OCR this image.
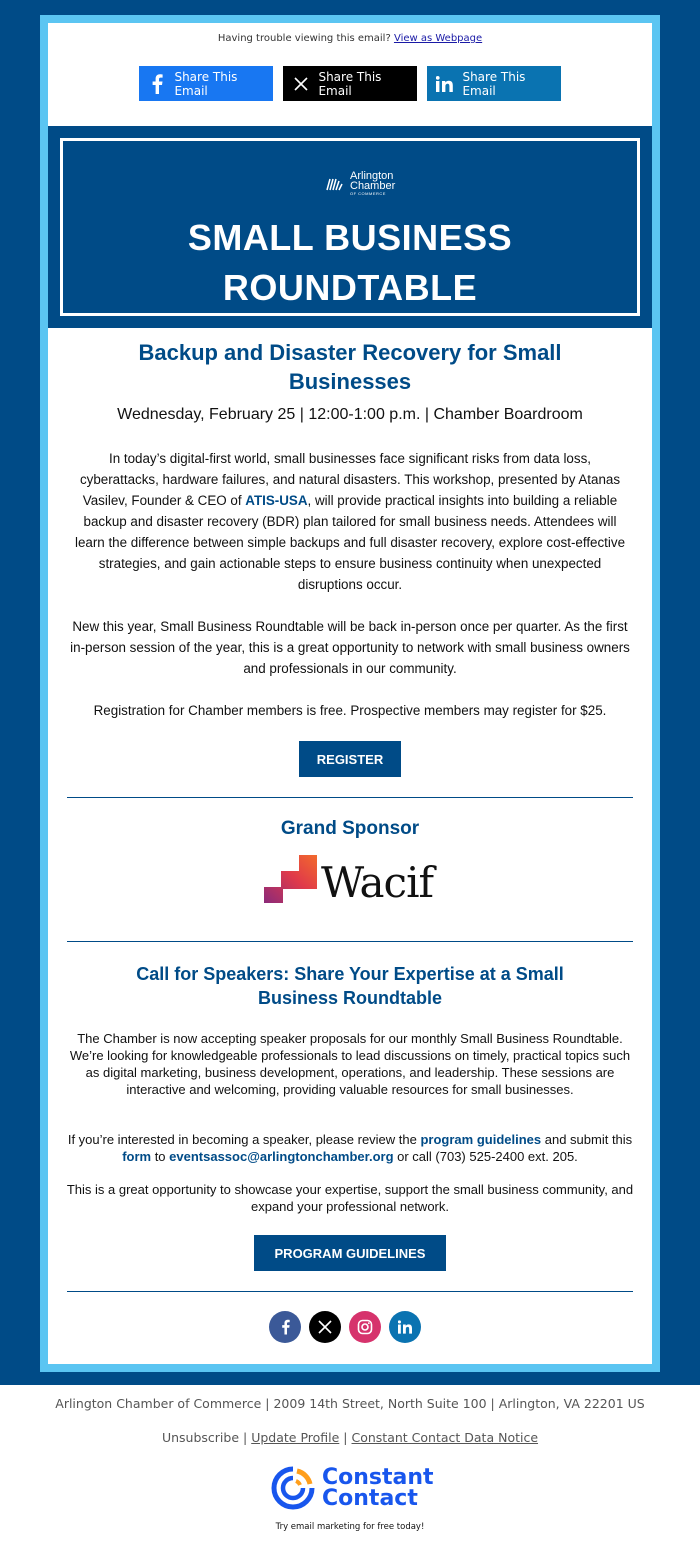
Having trouble viewing this email? View as Webpage
Share This Email
Share This Email
Share This Email
Arlington
Chamber
OF COMMERCE
SMALL BUSINESS
ROUNDTABLE
Backup and Disaster Recovery for Small Businesses
Wednesday, February 25 | 12:00-1:00 p.m. | Chamber Boardroom
In today’s digital-first world, small businesses face significant risks from data loss, cyberattacks, hardware failures, and natural disasters. This workshop, presented by Atanas Vasilev, Founder & CEO of ATIS-USA, will provide practical insights into building a reliable backup and disaster recovery (BDR) plan tailored for small business needs. Attendees will learn the difference between simple backups and full disaster recovery, explore cost-effective strategies, and gain actionable steps to ensure business continuity when unexpected disruptions occur.
New this year, Small Business Roundtable will be back in-person once per quarter. As the first in-person session of the year, this is a great opportunity to network with small business owners and professionals in our community.
Registration for Chamber members is free. Prospective members may register for $25.
REGISTER
Grand Sponsor
Wacif
Call for Speakers: Share Your Expertise at a Small Business Roundtable
The Chamber is now accepting speaker proposals for our monthly Small Business Roundtable. We’re looking for knowledgeable professionals to lead discussions on timely, practical topics such as digital marketing, business development, operations, and leadership. These sessions are interactive and welcoming, providing valuable resources for small businesses.
If you’re interested in becoming a speaker, please review the program guidelines and submit this form to eventsassoc@arlingtonchamber.org or call (703) 525-2400 ext. 205.
This is a great opportunity to showcase your expertise, support the small business community, and expand your professional network.
PROGRAM GUIDELINES
Arlington Chamber of Commerce | 2009 14th Street, North Suite 100 | Arlington, VA 22201 US
Unsubscribe | Update Profile | Constant Contact Data Notice
Constant
Contact
Try email marketing for free today!
